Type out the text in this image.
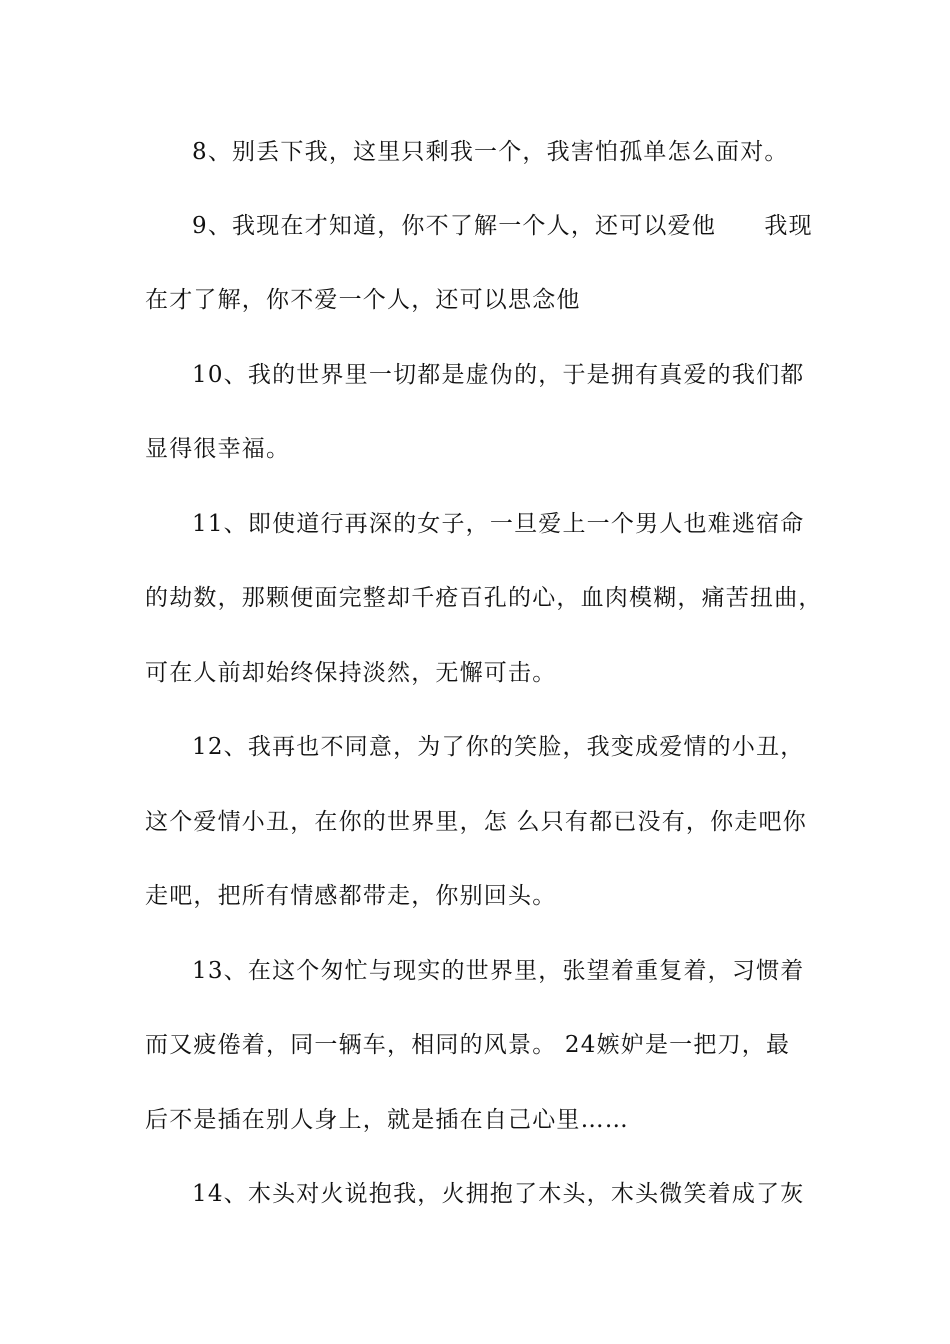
8、别丢下我，这里只剩我一个，我害怕孤单怎么面对。
9、我现在才知道，你不了解一个人，还可以爱他　　我现
在才了解，你不爱一个人，还可以思念他
10、我的世界里一切都是虚伪的，于是拥有真爱的我们都
显得很幸福。
11、即使道行再深的女子，一旦爱上一个男人也难逃宿命
的劫数，那颗便面完整却千疮百孔的心，血肉模糊，痛苦扭曲，
可在人前却始终保持淡然，无懈可击。
12、我再也不同意，为了你的笑脸，我变成爱情的小丑，
这个爱情小丑，在你的世界里，怎 么只有都已没有，你走吧你
走吧，把所有情感都带走，你别回头。
13、在这个匆忙与现实的世界里，张望着重复着，习惯着
而又疲倦着，同一辆车，相同的风景。 24嫉妒是一把刀，最
后不是插在别人身上，就是插在自己心里……
14、木头对火说抱我，火拥抱了木头，木头微笑着成了灰
